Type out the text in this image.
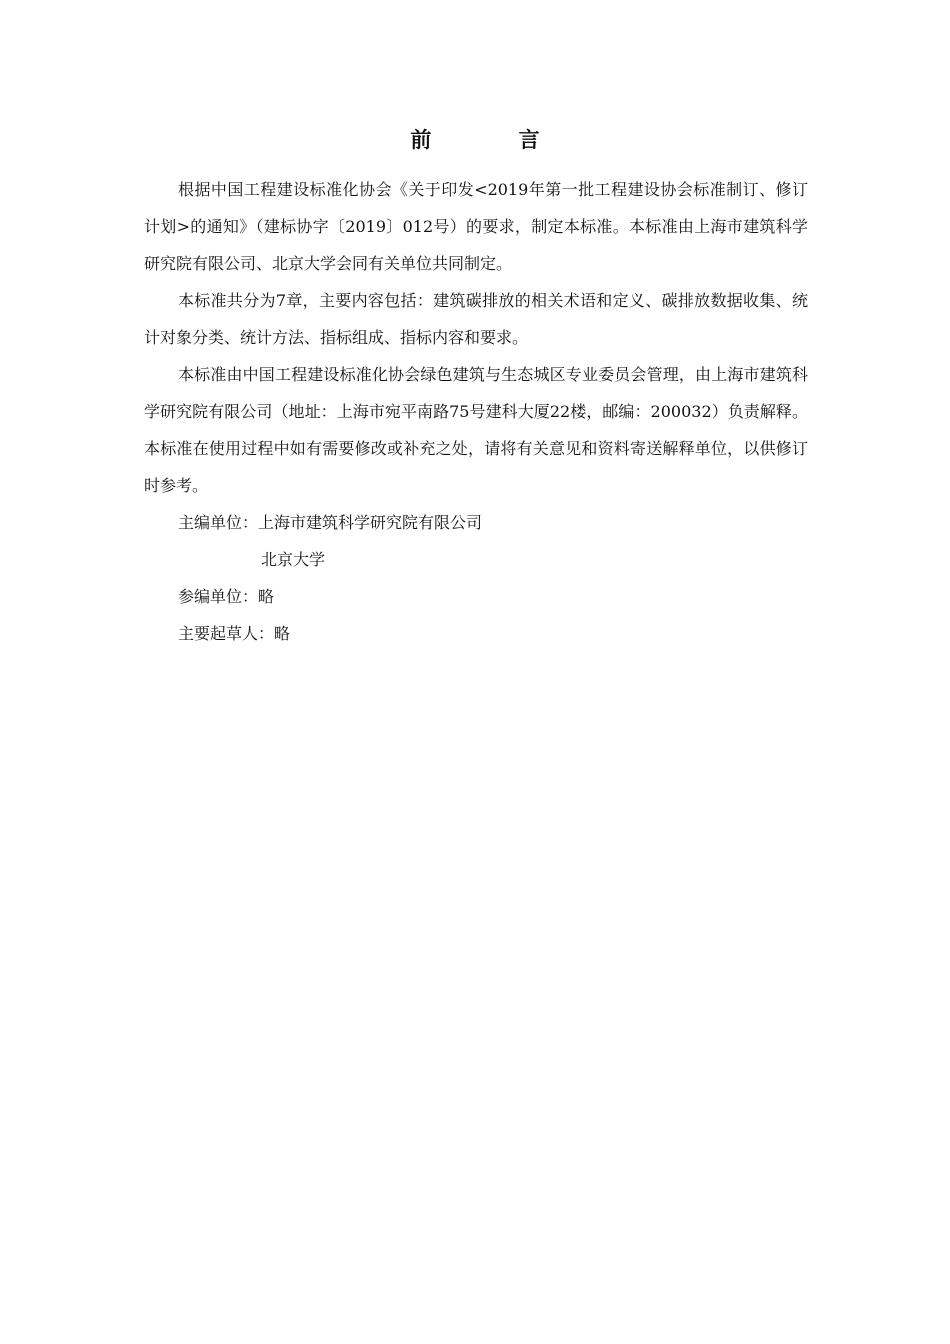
前 言

根据中国工程建设标准化协会《关于印发<2019年第一批工程建设协会标准制订、修订计划>的通知》（建标协字〔2019〕012号）的要求，制定本标准。本标准由上海市建筑科学研究院有限公司、北京大学会同有关单位共同制定。

本标准共分为7章，主要内容包括：建筑碳排放的相关术语和定义、碳排放数据收集、统计对象分类、统计方法、指标组成、指标内容和要求。

本标准由中国工程建设标准化协会绿色建筑与生态城区专业委员会管理，由上海市建筑科学研究院有限公司（地址：上海市宛平南路75号建科大厦22楼，邮编：200032）负责解释。本标准在使用过程中如有需要修改或补充之处，请将有关意见和资料寄送解释单位，以供修订时参考。

主编单位：上海市建筑科学研究院有限公司

北京大学

参编单位：略

主要起草人：略
